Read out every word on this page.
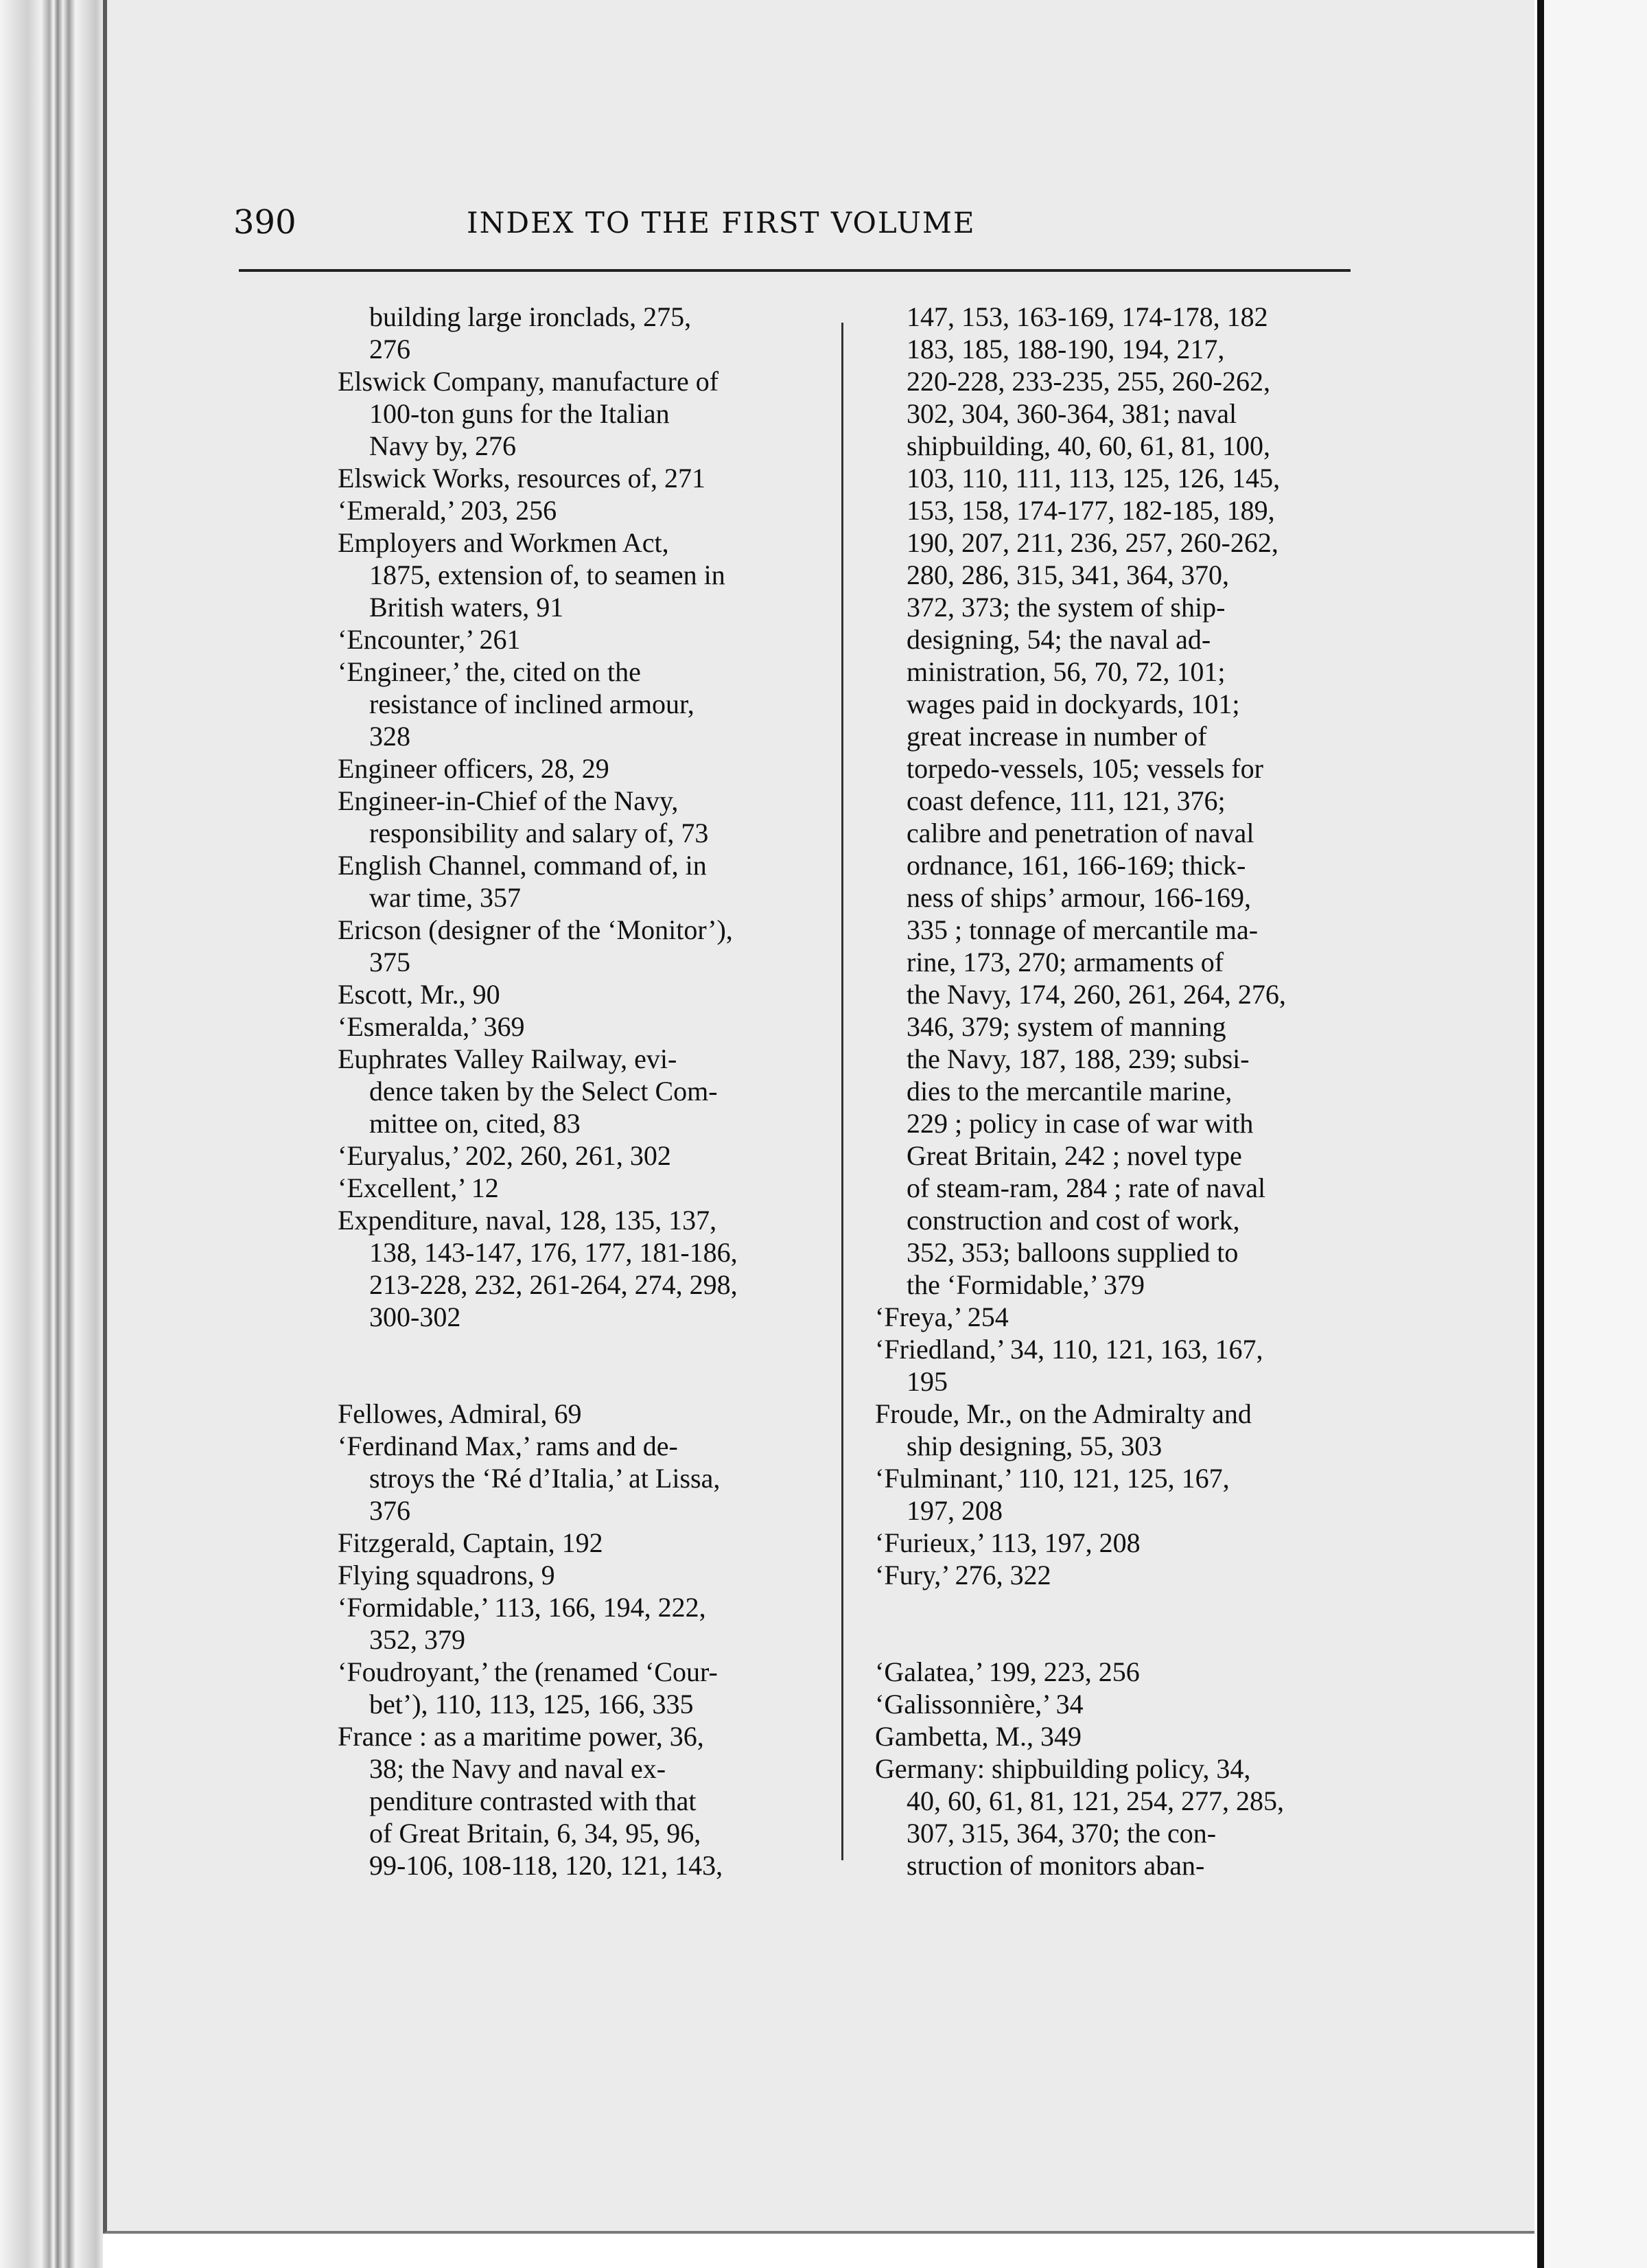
390	INDEX TO THE FIRST VOLUME
building large ironclads, 275,
276
Elswick Company, manufacture of
100-ton guns for the Italian
Navy by, 276
Elswick Works, resources of, 271
‘Emerald,’ 203, 256
Employers and Workmen Act,
1875, extension of, to seamen in
British waters, 91
‘Encounter,’ 261
‘Engineer,’ the, cited on the
resistance of inclined armour,
328
Engineer officers, 28, 29
Engineer-in-Chief of the Navy,
responsibility and salary of, 73
English Channel, command of, in
war time, 357
Ericson (designer of the ‘Monitor’),
375
Escott, Mr., 90
‘Esmeralda,’ 369
Euphrates Valley Railway, evi-
dence taken by the Select Com-
mittee on, cited, 83
‘Euryalus,’ 202, 260, 261, 302
‘Excellent,’ 12
Expenditure, naval, 128, 135, 137,
138, 143-147, 176, 177, 181-186,
213-228, 232, 261-264, 274, 298,
300-302
Fellowes, Admiral, 69
‘Ferdinand Max,’ rams and de-
stroys the ‘Ré d’Italia,’ at Lissa,
376
Fitzgerald, Captain, 192
Flying squadrons, 9
‘Formidable,’ 113, 166, 194, 222,
352, 379
‘Foudroyant,’ the (renamed ‘Cour-
bet’), 110, 113, 125, 166, 335
France : as a maritime power, 36,
38; the Navy and naval ex-
penditure contrasted with that
of Great Britain, 6, 34, 95, 96,
99-106, 108-118, 120, 121, 143,
147, 153, 163-169, 174-178, 182
183, 185, 188-190, 194, 217,
220-228, 233-235, 255, 260-262,
302, 304, 360-364, 381; naval
shipbuilding, 40, 60, 61, 81, 100,
103, 110, 111, 113, 125, 126, 145,
153, 158, 174-177, 182-185, 189,
190, 207, 211, 236, 257, 260-262,
280, 286, 315, 341, 364, 370,
372, 373; the system of ship-
designing, 54; the naval ad-
ministration, 56, 70, 72, 101;
wages paid in dockyards, 101;
great increase in number of
torpedo-vessels, 105; vessels for
coast defence, 111, 121, 376;
calibre and penetration of naval
ordnance, 161, 166-169; thick-
ness of ships’ armour, 166-169,
335 ; tonnage of mercantile ma-
rine, 173, 270; armaments of
the Navy, 174, 260, 261, 264, 276,
346, 379; system of manning
the Navy, 187, 188, 239; subsi-
dies to the mercantile marine,
229 ; policy in case of war with
Great Britain, 242 ; novel type
of steam-ram, 284 ; rate of naval
construction and cost of work,
352, 353; balloons supplied to
the ‘Formidable,’ 379
‘Freya,’ 254
‘Friedland,’ 34, 110, 121, 163, 167,
195
Froude, Mr., on the Admiralty and
ship designing, 55, 303
‘Fulminant,’ 110, 121, 125, 167,
197, 208
‘Furieux,’ 113, 197, 208
‘Fury,’ 276, 322
‘Galatea,’ 199, 223, 256
‘Galissonnière,’ 34
Gambetta, M., 349
Germany: shipbuilding policy, 34,
40, 60, 61, 81, 121, 254, 277, 285,
307, 315, 364, 370; the con-
struction of monitors aban-
